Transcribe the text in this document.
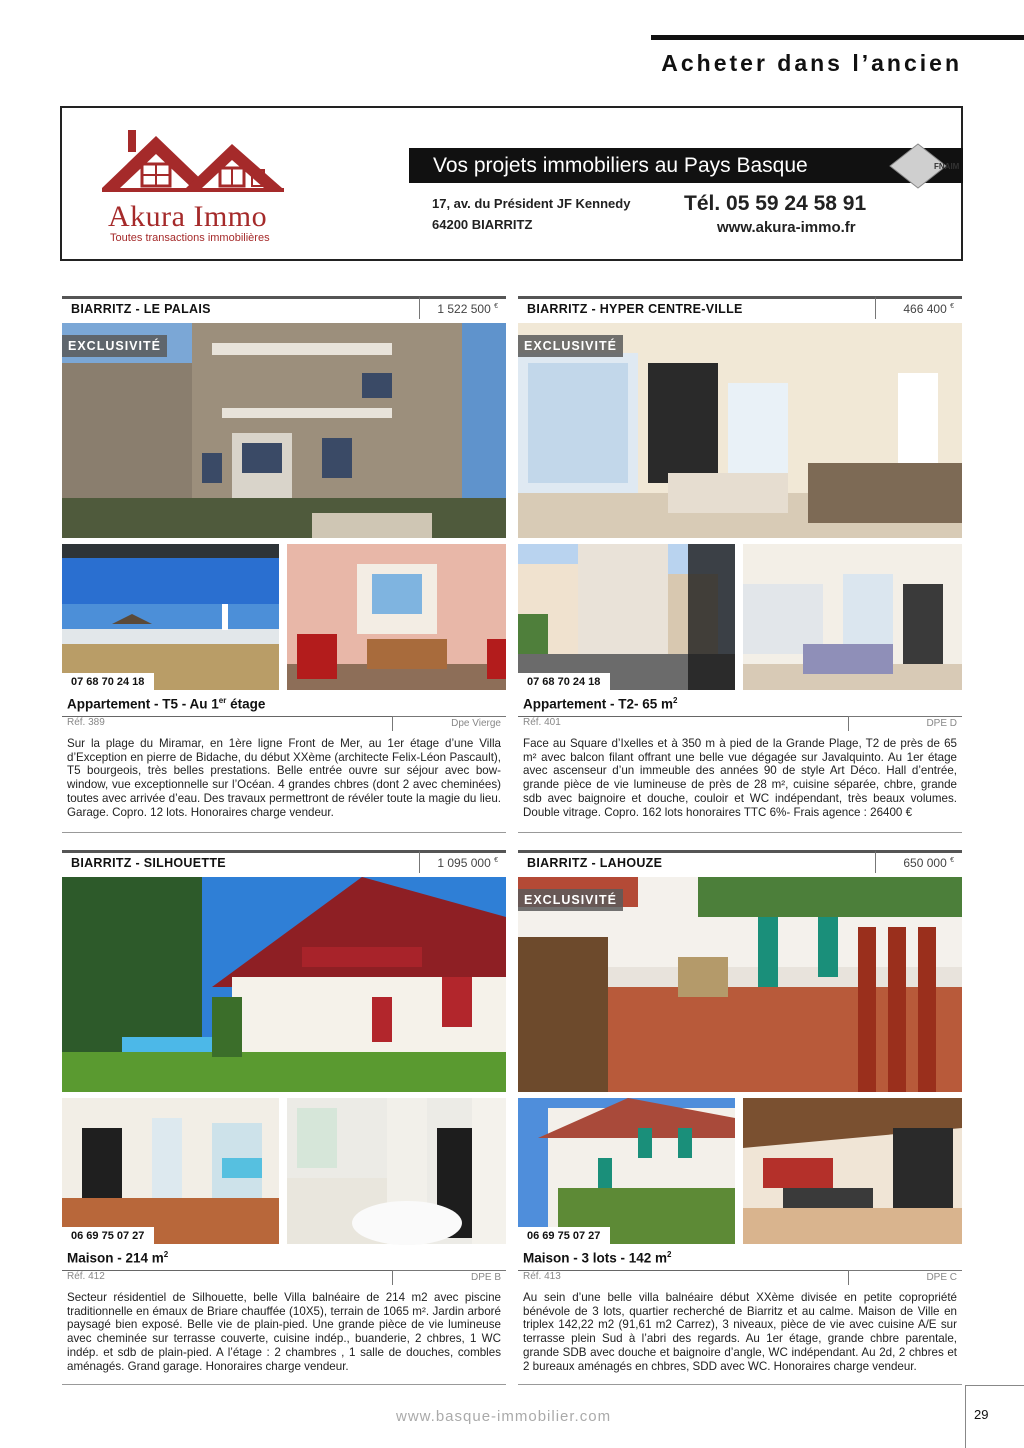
Acheter dans l’ancien
Akura Immo
Toutes transactions immobilières
Vos projets immobiliers au Pays Basque	FNAIM
17, av. du Président JF Kennedy
64200 BIARRITZ
Tél. 05 59 24 58 91
www.akura-immo.fr
BIARRITZ - LE PALAIS	1 522 500 €
EXCLUSIVITÉ
07 68 70 24 18
Appartement - T5 - Au 1er étage
Réf. 389	Dpe Vierge
Sur la plage du Miramar, en 1ère ligne Front de Mer, au 1er étage d’une Villa d’Exception en pierre de Bidache, du début XXème (architecte Felix-Léon Pascault), T5 bourgeois, très belles prestations. Belle entrée ouvre sur séjour avec bow-window, vue exceptionnelle sur l’Océan. 4 grandes chbres (dont 2 avec cheminées) toutes avec arrivée d’eau. Des travaux permettront de révéler toute la magie du lieu. Garage. Copro. 12 lots. Honoraires charge vendeur.
BIARRITZ - HYPER CENTRE-VILLE	466 400 €
EXCLUSIVITÉ
07 68 70 24 18
Appartement - T2- 65 $m^2$
Réf. 401	DPE D
Face au Square d’Ixelles et à 350 m à pied de la Grande Plage, T2 de près de 65 m² avec balcon filant offrant une belle vue dégagée sur Javalquinto. Au 1er étage avec ascenseur d’un immeuble des années 90 de style Art Déco. Hall d’entrée, grande pièce de vie lumineuse de près de 28 m², cuisine séparée, chbre, grande sdb avec baignoire et douche, couloir et WC indépendant, très beaux volumes. Double vitrage. Copro. 162 lots honoraires TTC 6%- Frais agence : 26400 €
BIARRITZ - SILHOUETTE	1 095 000 €
06 69 75 07 27
Maison - 214 $m^2$
Réf. 412	DPE B
Secteur résidentiel de Silhouette, belle Villa balnéaire de 214 m2 avec piscine traditionnelle en émaux de Briare chauffée (10X5), terrain de 1065 m². Jardin arboré paysagé bien exposé. Belle vie de plain-pied. Une grande pièce de vie lumineuse avec cheminée sur terrasse couverte, cuisine indép., buanderie, 2 chbres, 1 WC indép. et sdb de plain-pied. A l’étage : 2 chambres , 1 salle de douches, combles aménagés. Grand garage. Honoraires charge vendeur.
BIARRITZ - LAHOUZE	650 000 €
EXCLUSIVITÉ
06 69 75 07 27
Maison - 3 lots - 142 $m^2$
Réf. 413	DPE C
Au sein d’une belle villa balnéaire début XXème divisée en petite copropriété bénévole de 3 lots, quartier recherché de Biarritz et au calme. Maison de Ville en triplex 142,22 m2 (91,61 m2 Carrez), 3 niveaux, pièce de vie avec cuisine A/E sur terrasse plein Sud à l’abri des regards. Au 1er étage, grande chbre parentale, grande SDB avec douche et baignoire d’angle, WC indépendant. Au 2d, 2 chbres et 2 bureaux aménagés en chbres, SDD avec WC. Honoraires charge vendeur.
www.basque-immobilier.com	29
